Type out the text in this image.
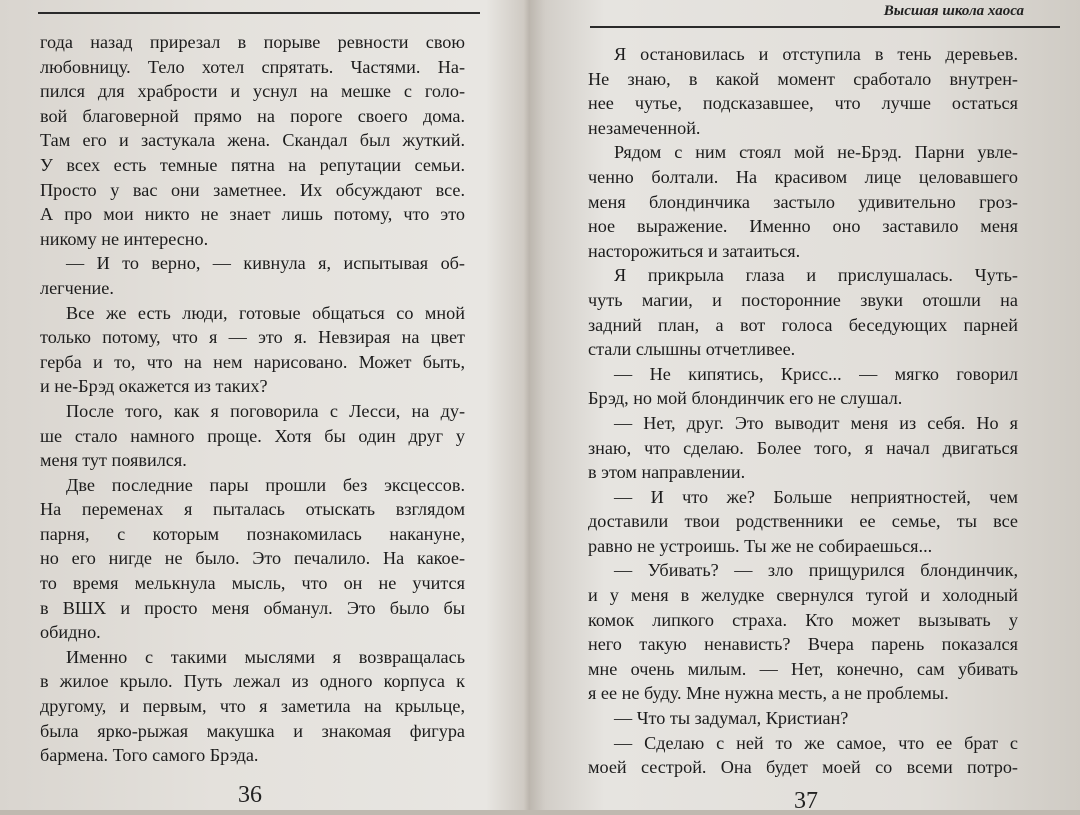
года назад прирезал в порыве ревности свою
любовницу. Тело хотел спрятать. Частями. На-
пился для храбрости и уснул на мешке с голо-
вой благоверной прямо на пороге своего дома.
Там его и застукала жена. Скандал был жуткий.
У всех есть темные пятна на репутации семьи.
Просто у вас они заметнее. Их обсуждают все.
А про мои никто не знает лишь потому, что это
никому не интересно.
— И то верно, — кивнула я, испытывая об-
легчение.
Все же есть люди, готовые общаться со мной
только потому, что я — это я. Невзирая на цвет
герба и то, что на нем нарисовано. Может быть,
и не-Брэд окажется из таких?
После того, как я поговорила с Лесси, на ду-
ше стало намного проще. Хотя бы один друг у
меня тут появился.
Две последние пары прошли без эксцессов.
На переменах я пыталась отыскать взглядом
парня, с которым познакомилась накануне,
но его нигде не было. Это печалило. На какое-
то время мелькнула мысль, что он не учится
в ВШХ и просто меня обманул. Это было бы
обидно.
Именно с такими мыслями я возвращалась
в жилое крыло. Путь лежал из одного корпуса к
другому, и первым, что я заметила на крыльце,
была ярко-рыжая макушка и знакомая фигура
бармена. Того самого Брэда.
36
Высшая школа хаоса
Я остановилась и отступила в тень деревьев.
Не знаю, в какой момент сработало внутрен-
нее чутье, подсказавшее, что лучше остаться
незамеченной.
Рядом с ним стоял мой не-Брэд. Парни увле-
ченно болтали. На красивом лице целовавшего
меня блондинчика застыло удивительно гроз-
ное выражение. Именно оно заставило меня
насторожиться и затаиться.
Я прикрыла глаза и прислушалась. Чуть-
чуть магии, и посторонние звуки отошли на
задний план, а вот голоса беседующих парней
стали слышны отчетливее.
— Не кипятись, Крисс... — мягко говорил
Брэд, но мой блондинчик его не слушал.
— Нет, друг. Это выводит меня из себя. Но я
знаю, что сделаю. Более того, я начал двигаться
в этом направлении.
— И что же? Больше неприятностей, чем
доставили твои родственники ее семье, ты все
равно не устроишь. Ты же не собираешься...
— Убивать? — зло прищурился блондинчик,
и у меня в желудке свернулся тугой и холодный
комок липкого страха. Кто может вызывать у
него такую ненависть? Вчера парень показался
мне очень милым. — Нет, конечно, сам убивать
я ее не буду. Мне нужна месть, а не проблемы.
— Что ты задумал, Кристиан?
— Сделаю с ней то же самое, что ее брат с
моей сестрой. Она будет моей со всеми потро-
37
